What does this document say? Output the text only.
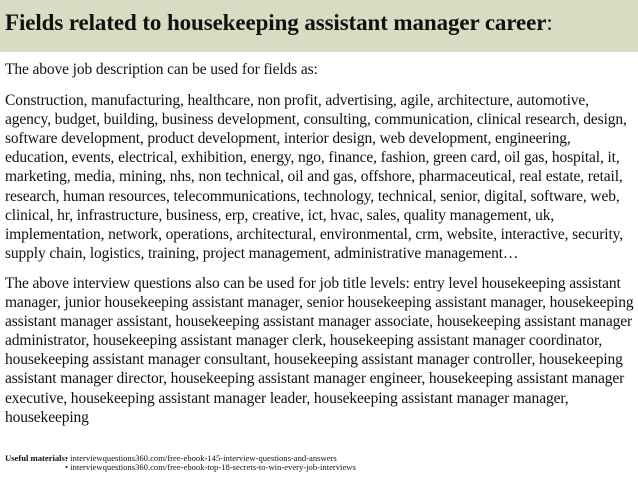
Fields related to housekeeping assistant manager career:

The above job description can be used for fields as:

Construction, manufacturing, healthcare, non profit, advertising, agile, architecture, automotive, agency, budget, building, business development, consulting, communication, clinical research, design, software development, product development, interior design, web development, engineering, education, events, electrical, exhibition, energy, ngo, finance, fashion, green card, oil gas, hospital, it, marketing, media, mining, nhs, non technical, oil and gas, offshore, pharmaceutical, real estate, retail, research, human resources, telecommunications, technology, technical, senior, digital, software, web, clinical, hr, infrastructure, business, erp, creative, ict, hvac, sales, quality management, uk, implementation, network, operations, architectural, environmental, crm, website, interactive, security, supply chain, logistics, training, project management, administrative management…

The above interview questions also can be used for job title levels: entry level housekeeping assistant manager, junior housekeeping assistant manager, senior housekeeping assistant manager, housekeeping assistant manager assistant, housekeeping assistant manager associate, housekeeping assistant manager administrator, housekeeping assistant manager clerk, housekeeping assistant manager coordinator, housekeeping assistant manager consultant, housekeeping assistant manager controller, housekeeping assistant manager director, housekeeping assistant manager engineer, housekeeping assistant manager executive, housekeeping assistant manager leader, housekeeping assistant manager manager, housekeeping

Useful materials:• interviewquestions360.com/free-ebook-145-interview-questions-and-answers
• interviewquestions360.com/free-ebook-top-18-secrets-to-win-every-job-interviews
